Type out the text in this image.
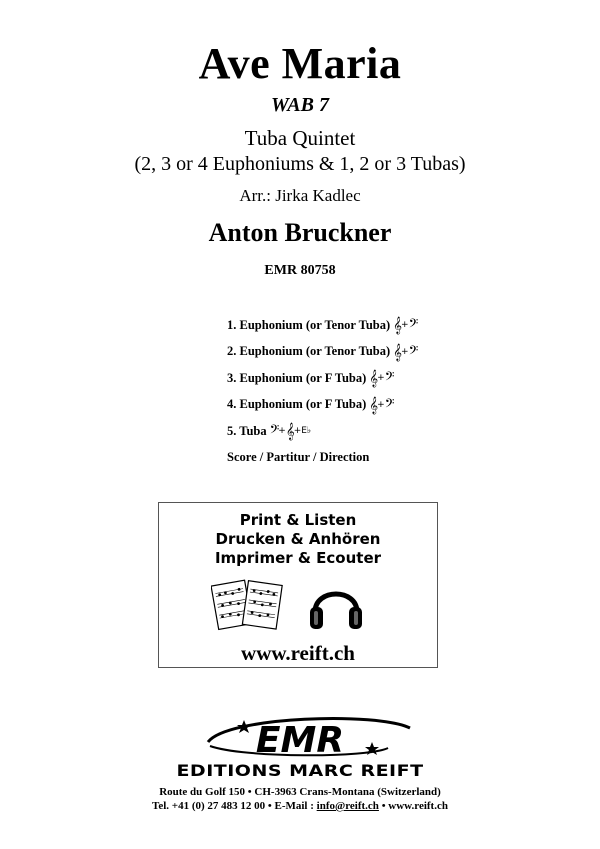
Ave Maria
WAB 7
Tuba Quintet
(2, 3 or 4 Euphoniums & 1, 2 or 3 Tubas)
Arr.: Jirka Kadlec
Anton Bruckner
EMR 80758
1. Euphonium (or Tenor Tuba) 𝄞+𝄢
2. Euphonium (or Tenor Tuba) 𝄞+𝄢
3. Euphonium (or F Tuba) 𝄞+𝄢
4. Euphonium (or F Tuba) 𝄞+𝄢
5. Tuba 𝄢+𝄞$^{+E♭}$
Score / Partitur / Direction
Print & Listen
Drucken & Anhören
Imprimer & Ecouter
www.reift.ch
EMR
EDITIONS MARC REIFT
Route du Golf 150 • CH-3963 Crans-Montana (Switzerland)
Tel. +41 (0) 27 483 12 00 • E-Mail : info@reift.ch • www.reift.ch
